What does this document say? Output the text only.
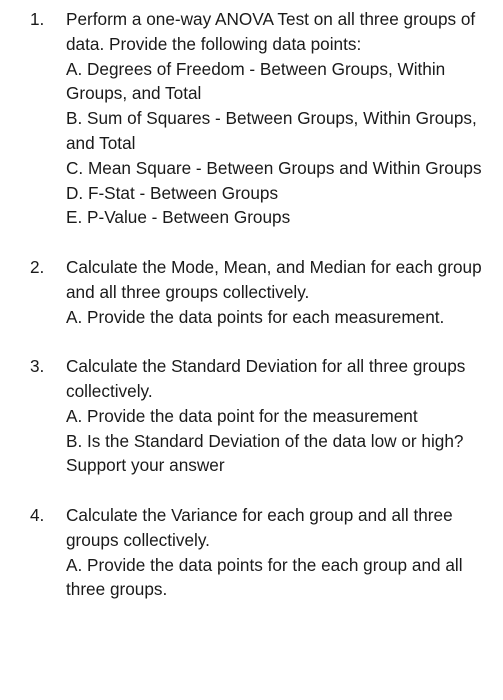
1.	Perform a one-way ANOVA Test on all three groups of data. Provide the following data points:
A. Degrees of Freedom - Between Groups, Within Groups, and Total
B. Sum of Squares - Between Groups, Within Groups, and Total
C. Mean Square - Between Groups and Within Groups
D. F-Stat - Between Groups
E. P-Value - Between Groups
2.	Calculate the Mode, Mean, and Median for each group and all three groups collectively.
A. Provide the data points for each measurement.
3.	Calculate the Standard Deviation for all three groups collectively.
A. Provide the data point for the measurement
B. Is the Standard Deviation of the data low or high? Support your answer
4.	Calculate the Variance for each group and all three groups collectively.
A. Provide the data points for the each group and all three groups.
